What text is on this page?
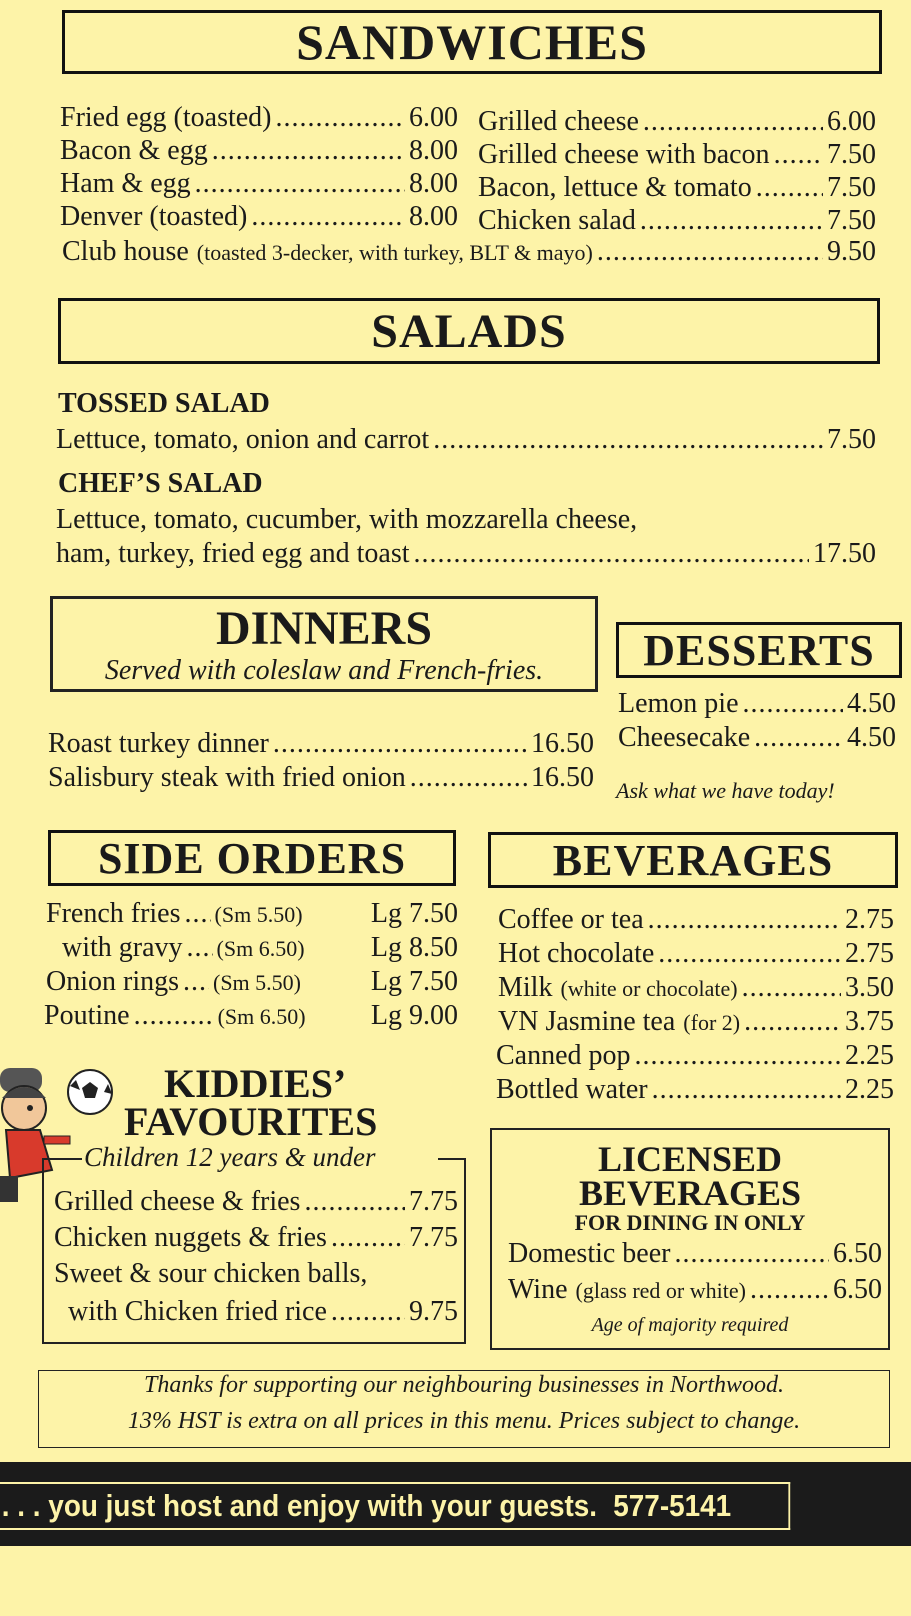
SANDWICHES
Fried egg (toasted) .....	6.00
Bacon & egg .....	8.00
Ham & egg .....	8.00
Denver (toasted) .....	8.00
Grilled cheese .....	6.00
Grilled cheese with bacon ..... 7.50
Bacon, lettuce & tomato .....	7.50
Chicken salad .....	7.50
Club house (toasted 3-decker, with turkey, BLT & mayo) .....	9.50
SALADS
TOSSED SALAD
Lettuce, tomato, onion and carrot .....	7.50
CHEF’S SALAD
Lettuce, tomato, cucumber, with mozzarella cheese,
ham, turkey, fried egg and toast .....	17.50
DINNERS
Served with coleslaw and French-fries.
Roast turkey dinner .....	16.50
Salisbury steak with fried onion .....	16.50
DESSERTS
Lemon pie .....	4.50
Cheesecake .....	4.50
Ask what we have today!
SIDE ORDERS
French fries ..... (Sm 5.50) Lg 7.50
with gravy ..... (Sm 6.50) Lg 8.50
Onion rings ..... (Sm 5.50) Lg 7.50
Poutine .....	(Sm 6.50) Lg 9.00
BEVERAGES
Coffee or tea .....	2.75
Hot chocolate .....	2.75
Milk (white or chocolate) .....	3.50
VN Jasmine tea (for 2) .....	3.75
Canned pop .....	2.25
Bottled water .....	2.25
KIDDIES’
FAVOURITES
Children 12 years & under
Grilled cheese & fries .....	7.75
Chicken nuggets & fries .....	7.75
Sweet & sour chicken balls,
with Chicken fried rice .....	9.75
LICENSED
BEVERAGES
FOR DINING IN ONLY
Domestic beer .....	6.50
Wine (glass red or white) .....	6.50
Age of majority required
Thanks for supporting our neighbouring businesses in Northwood.
13% HST is extra on all prices in this menu. Prices subject to change.
. . . you just host and enjoy with your guests. 577-5141
